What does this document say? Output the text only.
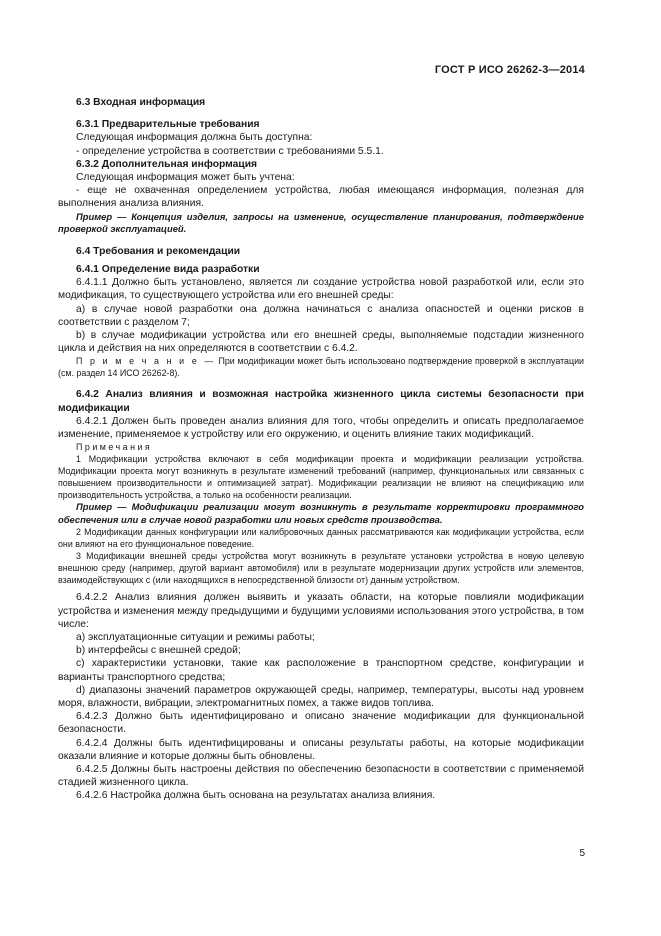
ГОСТ Р ИСО 26262-3—2014

6.3 Входная информация

6.3.1 Предварительные требования

Следующая информация должна быть доступна:

- определение устройства в соответствии с требованиями 5.5.1.

6.3.2 Дополнительная информация

Следующая информация может быть учтена:

- еще не охваченная определением устройства, любая имеющаяся информация, полезная для выполнения анализа влияния.

Пример — Концепция изделия, запросы на изменение, осуществление планирования, подтверждение проверкой эксплуатацией.

6.4 Требования и рекомендации

6.4.1 Определение вида разработки

6.4.1.1 Должно быть установлено, является ли создание устройства новой разработкой или, если это модификация, то существующего устройства или его внешней среды:

а) в случае новой разработки она должна начинаться с анализа опасностей и оценки рисков в соответствии с разделом 7;

b) в случае модификации устройства или его внешней среды, выполняемые подстадии жизненного цикла и действия на них определяются в соответствии с 6.4.2.

П р и м е ч а н и е — При модификации может быть использовано подтверждение проверкой в эксплуатации (см. раздел 14 ИСО 26262-8).

6.4.2 Анализ влияния и возможная настройка жизненного цикла системы безопасности при модификации

6.4.2.1 Должен быть проведен анализ влияния для того, чтобы определить и описать предполагаемое изменение, применяемое к устройству или его окружению, и оценить влияние таких модификаций.

Примечания

1 Модификации устройства включают в себя модификации проекта и модификации реализации устройства. Модификации проекта могут возникнуть в результате изменений требований (например, функциональных или связанных с повышением производительности и оптимизацией затрат). Модификации реализации не влияют на спецификацию или производительность устройства, а только на особенности реализации.

Пример — Модификации реализации могут возникнуть в результате корректировки программного обеспечения или в случае новой разработки или новых средств производства.

2 Модификации данных конфигурации или калибровочных данных рассматриваются как модификации устройства, если они влияют на его функциональное поведение.

3 Модификации внешней среды устройства могут возникнуть в результате установки устройства в новую целевую внешнюю среду (например, другой вариант автомобиля) или в результате модернизации других устройств или элементов, взаимодействующих с (или находящихся в непосредственной близости от) данным устройством.

6.4.2.2 Анализ влияния должен выявить и указать области, на которые повлияли модификации устройства и изменения между предыдущими и будущими условиями использования этого устройства, в том числе:

а) эксплуатационные ситуации и режимы работы;

b) интерфейсы с внешней средой;

с) характеристики установки, такие как расположение в транспортном средстве, конфигурации и варианты транспортного средства;

d) диапазоны значений параметров окружающей среды, например, температуры, высоты над уровнем моря, влажности, вибрации, электромагнитных помех, а также видов топлива.

6.4.2.3 Должно быть идентифицировано и описано значение модификации для функциональной безопасности.

6.4.2.4 Должны быть идентифицированы и описаны результаты работы, на которые модификации оказали влияние и которые должны быть обновлены.

6.4.2.5 Должны быть настроены действия по обеспечению безопасности в соответствии с применяемой стадией жизненного цикла.

6.4.2.6 Настройка должна быть основана на результатах анализа влияния.

5
